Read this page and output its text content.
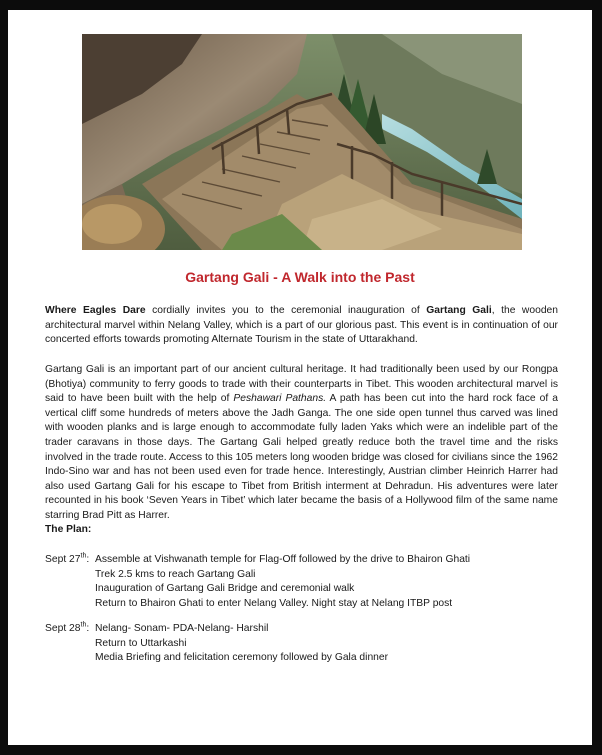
Gartang Gali - A Walk into the Past
Where Eagles Dare cordially invites you to the ceremonial inauguration of Gartang Gali, the wooden architectural marvel within Nelang Valley, which is a part of our glorious past. This event is in continuation of our concerted efforts towards promoting Alternate Tourism in the state of Uttarakhand.
Gartang Gali is an important part of our ancient cultural heritage. It had traditionally been used by our Rongpa (Bhotiya) community to ferry goods to trade with their counterparts in Tibet. This wooden architectural marvel is said to have been built with the help of Peshawari Pathans. A path has been cut into the hard rock face of a vertical cliff some hundreds of meters above the Jadh Ganga. The one side open tunnel thus carved was lined with wooden planks and is large enough to accommodate fully laden Yaks which were an indelible part of the trader caravans in those days. The Gartang Gali helped greatly reduce both the travel time and the risks involved in the trade route. Access to this 105 meters long wooden bridge was closed for civilians since the 1962 Indo-Sino war and has not been used even for trade hence. Interestingly, Austrian climber Heinrich Harrer had also used Gartang Gali for his escape to Tibet from British interment at Dehradun. His adventures were later recounted in his book ‘Seven Years in Tibet’ which later became the basis of a Hollywood film of the same name starring Brad Pitt as Harrer.
The Plan:
Sept 27th: Assemble at Vishwanath temple for Flag-Off followed by the drive to Bhairon Ghati
Trek 2.5 kms to reach Gartang Gali
Inauguration of Gartang Gali Bridge and ceremonial walk
Return to Bhairon Ghati to enter Nelang Valley. Night stay at Nelang ITBP post
Sept 28th: Nelang- Sonam- PDA-Nelang- Harshil
Return to Uttarkashi
Media Briefing and felicitation ceremony followed by Gala dinner
